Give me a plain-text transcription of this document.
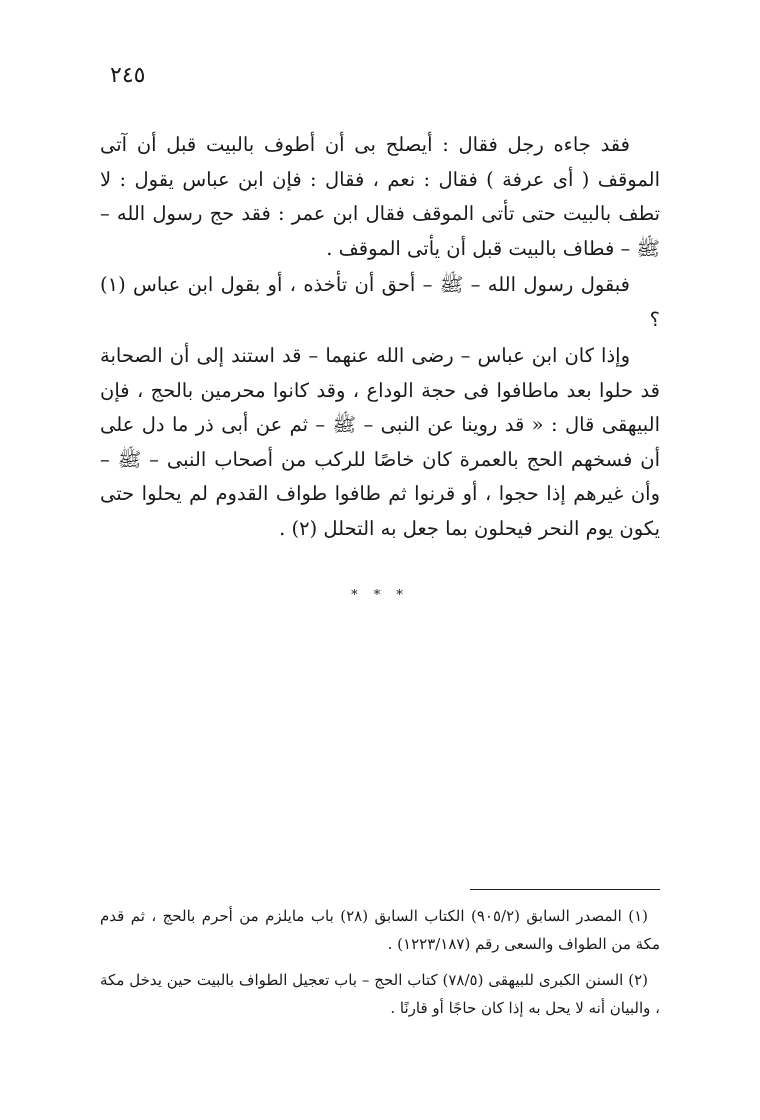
٢٤٥

فقد جاءه رجل فقال : أيصلح بى أن أطوف بالبيت قبل أن آتى الموقف ( أى عرفة ) فقال : نعم ، فقال : فإن ابن عباس يقول : لا تطف بالبيت حتى تأتى الموقف فقال ابن عمر : فقد حج رسول الله – ﷺ – فطاف بالبيت قبل أن يأتى الموقف .

فبقول رسول الله – ﷺ – أحق أن تأخذه ، أو بقول ابن عباس (١) ؟

وإذا كان ابن عباس – رضى الله عنهما – قد استند إلى أن الصحابة قد حلوا بعد ماطافوا فى حجة الوداع ، وقد كانوا محرمين بالحج ، فإن البيهقى قال : « قد روينا عن النبى – ﷺ – ثم عن أبى ذر ما دل على أن فسخهم الحج بالعمرة كان خاصًا للركب من أصحاب النبى – ﷺ – وأن غيرهم إذا حجوا ، أو قرنوا ثم طافوا طواف القدوم لم يحلوا حتى يكون يوم النحر فيحلون بما جعل به التحلل (٢) .

* * *

(١) المصدر السابق (٩٠٥/٢) الكتاب السابق (٢٨) باب مايلزم من أحرم بالحج ، ثم قدم مكة من الطواف والسعى رقم (١٢٢٣/١٨٧) .

(٢) السنن الكبرى للبيهقى (٧٨/٥) كتاب الحج – باب تعجيل الطواف بالبيت حين يدخل مكة ، والبيان أنه لا يحل به إذا كان حاجًا أو قارنًا .
